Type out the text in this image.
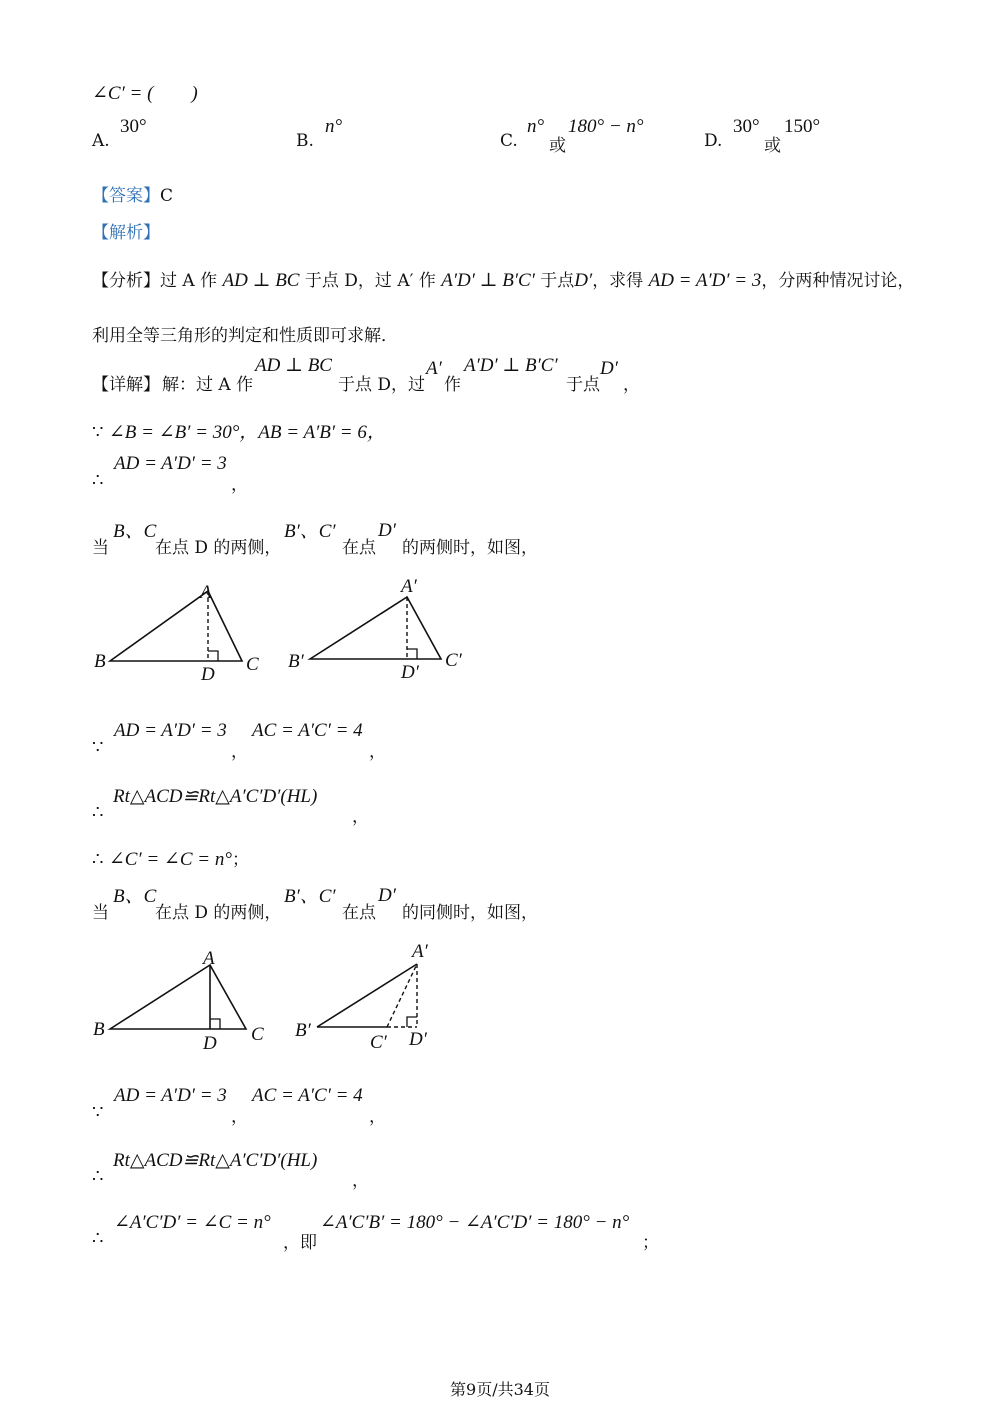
∠C′ = (　　)
A.
30°
B.
n°
C.
n°
或
180° − n°
D.
30°
或
150°
【答案】C
【解析】
【分析】过 A 作 AD ⊥ BC 于点 D，过 A′ 作 A′D′ ⊥ B′C′ 于点D′，求得 AD = A′D′ = 3，分两种情况讨论，
利用全等三角形的判定和性质即可求解．
【详解】 解：过 A 作
AD ⊥ BC
于点 D，过
A′
作
A′D′ ⊥ B′C′
于点
D′
，
∵ ∠B = ∠B′ = 30°，AB = A′B′ = 6，
∴
AD = A′D′ = 3
，
当
B、C
在点 D 的两侧，
B′、C′
在点
D′
的两侧时，如图，
A
B	C
D
A′
B′	C′
D′
∵
AD = A′D′ = 3
，
AC = A′C′ = 4
，
∴
Rt△ACD≌Rt△A′C′D′(HL)
，
∴ ∠C′ = ∠C = n°；
当
B、C
在点 D 的两侧，
B′、C′
在点
D′
的同侧时，如图，
A
B	C
D
A′
B′
C′ D′
∵
AD = A′D′ = 3
，
AC = A′C′ = 4
，
∴
Rt△ACD≌Rt△A′C′D′(HL)
，
∴
∠A′C′D′ = ∠C = n°
，即
∠A′C′B′ = 180° − ∠A′C′D′ = 180° − n°
；
第9页/共34页
